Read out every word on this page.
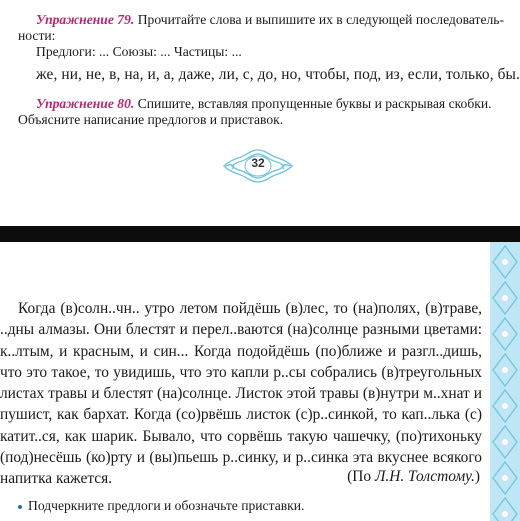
Упражнение 79. Прочитайте слова и выпишите их в следующей последователь-ности:
Предлоги: ... Союзы: ... Частицы: ...
же, ни, не, в, на, и, а, даже, ли, с, до, но, чтобы, под, из, если, только, бы.
Упражнение 80. Спишите, вставляя пропущенные буквы и раскрывая скобки. Объясните написание предлогов и приставок.
32
Когда (в)солн..чн.. утро летом пойдёшь (в)лес, то (на)полях, (в)траве,
..дны алмазы. Они блестят и перел..ваются (на)солнце разными цветами:
к..лтым, и красным, и син... Когда подойдёшь (по)ближе и разгл..дишь,
что это такое, то увидишь, что это капли р..сы собрались (в)треугольных
листах травы и блестят (на)солнце. Листок этой травы (в)нутри м..хнат и
пушист, как бархат. Когда (со)рвёшь листок (с)р..синкой, то кап..лька (с)
катит..ся, как шарик. Бывало, что сорвёшь такую чашечку, (по)тихоньку
(под)несёшь (ко)рту и (вы)пьешь р..синку, и р..синка эта вкуснее всякого
напитка кажется.	(По Л.Н. Толстому.)
Подчеркните предлоги и обозначьте приставки.
